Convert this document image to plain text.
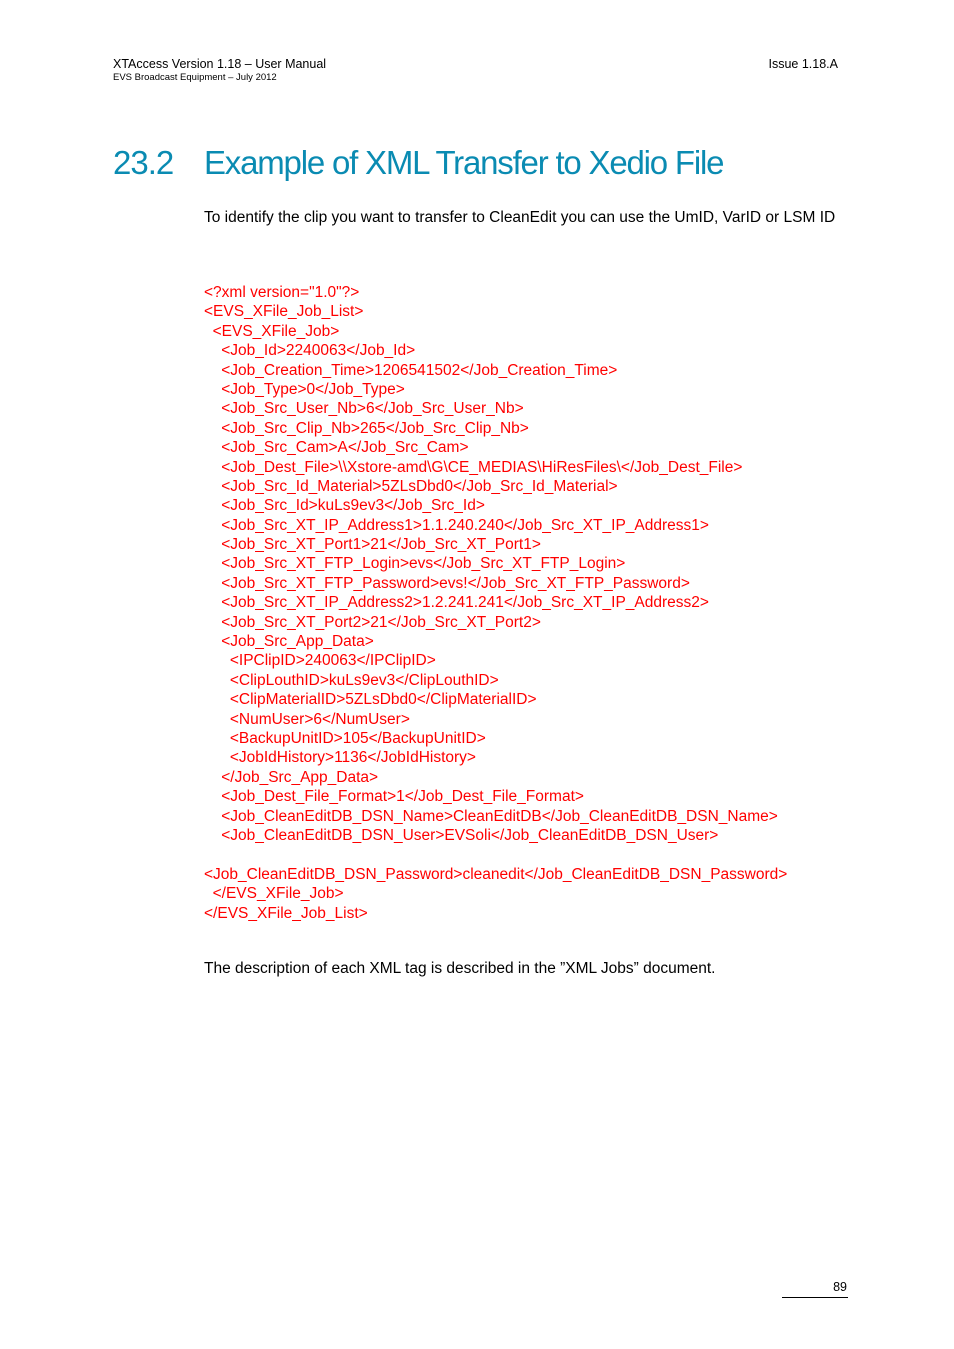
XTAccess Version 1.18 – User Manual
EVS Broadcast Equipment – July 2012
Issue 1.18.A
23.2 Example of XML Transfer to Xedio File

To identify the clip you want to transfer to CleanEdit you can use the UmID, VarID or LSM ID

<?xml version="1.0"?>
<EVS_XFile_Job_List>
<EVS_XFile_Job>
<Job_Id>2240063</Job_Id>
<Job_Creation_Time>1206541502</Job_Creation_Time>
<Job_Type>0</Job_Type>
<Job_Src_User_Nb>6</Job_Src_User_Nb>
<Job_Src_Clip_Nb>265</Job_Src_Clip_Nb>
<Job_Src_Cam>A</Job_Src_Cam>
<Job_Dest_File>\\Xstore-amd\G\CE_MEDIAS\HiResFiles\</Job_Dest_File>
<Job_Src_Id_Material>5ZLsDbd0</Job_Src_Id_Material>
<Job_Src_Id>kuLs9ev3</Job_Src_Id>
<Job_Src_XT_IP_Address1>1.1.240.240</Job_Src_XT_IP_Address1>
<Job_Src_XT_Port1>21</Job_Src_XT_Port1>
<Job_Src_XT_FTP_Login>evs</Job_Src_XT_FTP_Login>
<Job_Src_XT_FTP_Password>evs!</Job_Src_XT_FTP_Password>
<Job_Src_XT_IP_Address2>1.2.241.241</Job_Src_XT_IP_Address2>
<Job_Src_XT_Port2>21</Job_Src_XT_Port2>
<Job_Src_App_Data>
<IPClipID>240063</IPClipID>
<ClipLouthID>kuLs9ev3</ClipLouthID>
<ClipMaterialID>5ZLsDbd0</ClipMaterialID>
<NumUser>6</NumUser>
<BackupUnitID>105</BackupUnitID>
<JobIdHistory>1136</JobIdHistory>
</Job_Src_App_Data>
<Job_Dest_File_Format>1</Job_Dest_File_Format>
<Job_CleanEditDB_DSN_Name>CleanEditDB</Job_CleanEditDB_DSN_Name>
<Job_CleanEditDB_DSN_User>EVSoli</Job_CleanEditDB_DSN_User>
<Job_CleanEditDB_DSN_Password>cleanedit</Job_CleanEditDB_DSN_Password>
</EVS_XFile_Job>
</EVS_XFile_Job_List>

The description of each XML tag is described in the ”XML Jobs” document.

89
